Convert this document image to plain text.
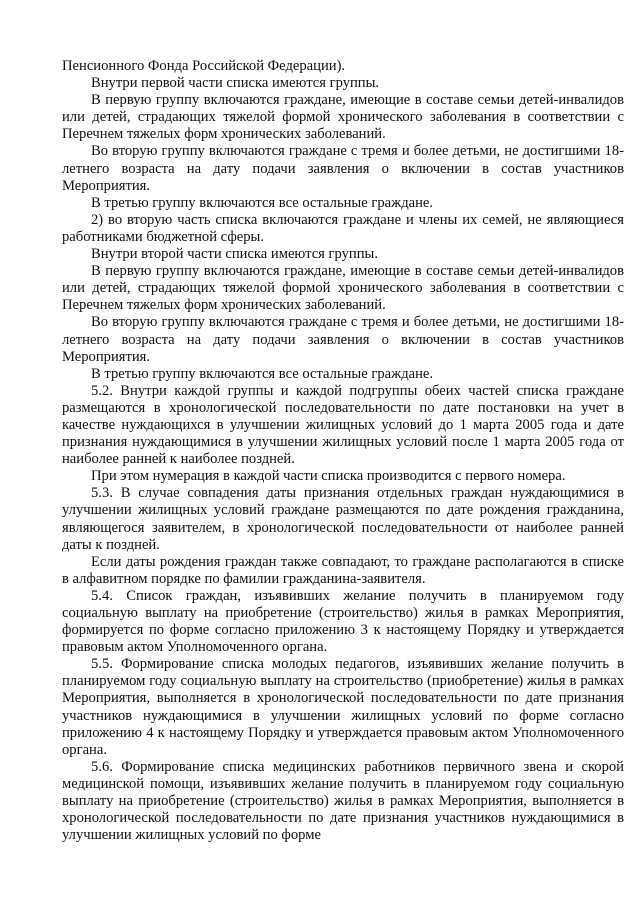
Пенсионного Фонда Российской Федерации).

Внутри первой части списка имеются группы.

В первую группу включаются граждане, имеющие в составе семьи детей-инвалидов или детей, страдающих тяжелой формой хронического заболевания в соответствии с Перечнем тяжелых форм хронических заболеваний.

Во вторую группу включаются граждане с тремя и более детьми, не достигшими 18-летнего возраста на дату подачи заявления о включении в состав участников Мероприятия.

В третью группу включаются все остальные граждане.

2) во вторую часть списка включаются граждане и члены их семей, не являющиеся работниками бюджетной сферы.

Внутри второй части списка имеются группы.

В первую группу включаются граждане, имеющие в составе семьи детей-инвалидов или детей, страдающих тяжелой формой хронического заболевания в соответствии с Перечнем тяжелых форм хронических заболеваний.

Во вторую группу включаются граждане с тремя и более детьми, не достигшими 18-летнего возраста на дату подачи заявления о включении в состав участников Мероприятия.

В третью группу включаются все остальные граждане.

5.2. Внутри каждой группы и каждой подгруппы обеих частей списка граждане размещаются в хронологической последовательности по дате постановки на учет в качестве нуждающихся в улучшении жилищных условий до 1 марта 2005 года и дате признания нуждающимися в улучшении жилищных условий после 1 марта 2005 года от наиболее ранней к наиболее поздней.

При этом нумерация в каждой части списка производится с первого номера.

5.3. В случае совпадения даты признания отдельных граждан нуждающимися в улучшении жилищных условий граждане размещаются по дате рождения гражданина, являющегося заявителем, в хронологической последовательности от наиболее ранней даты к поздней.

Если даты рождения граждан также совпадают, то граждане располагаются в списке в алфавитном порядке по фамилии гражданина-заявителя.

5.4. Список граждан, изъявивших желание получить в планируемом году социальную выплату на приобретение (строительство) жилья в рамках Мероприятия, формируется по форме согласно приложению 3 к настоящему Порядку и утверждается правовым актом Уполномоченного органа.

5.5. Формирование списка молодых педагогов, изъявивших желание получить в планируемом году социальную выплату на строительство (приобретение) жилья в рамках Мероприятия, выполняется в хронологической последовательности по дате признания участников нуждающимися в улучшении жилищных условий по форме согласно приложению 4 к настоящему Порядку и утверждается правовым актом Уполномоченного органа.

5.6. Формирование списка медицинских работников первичного звена и скорой медицинской помощи, изъявивших желание получить в планируемом году социальную выплату на приобретение (строительство) жилья в рамках Мероприятия, выполняется в хронологической последовательности по дате признания участников нуждающимися в улучшении жилищных условий по форме
